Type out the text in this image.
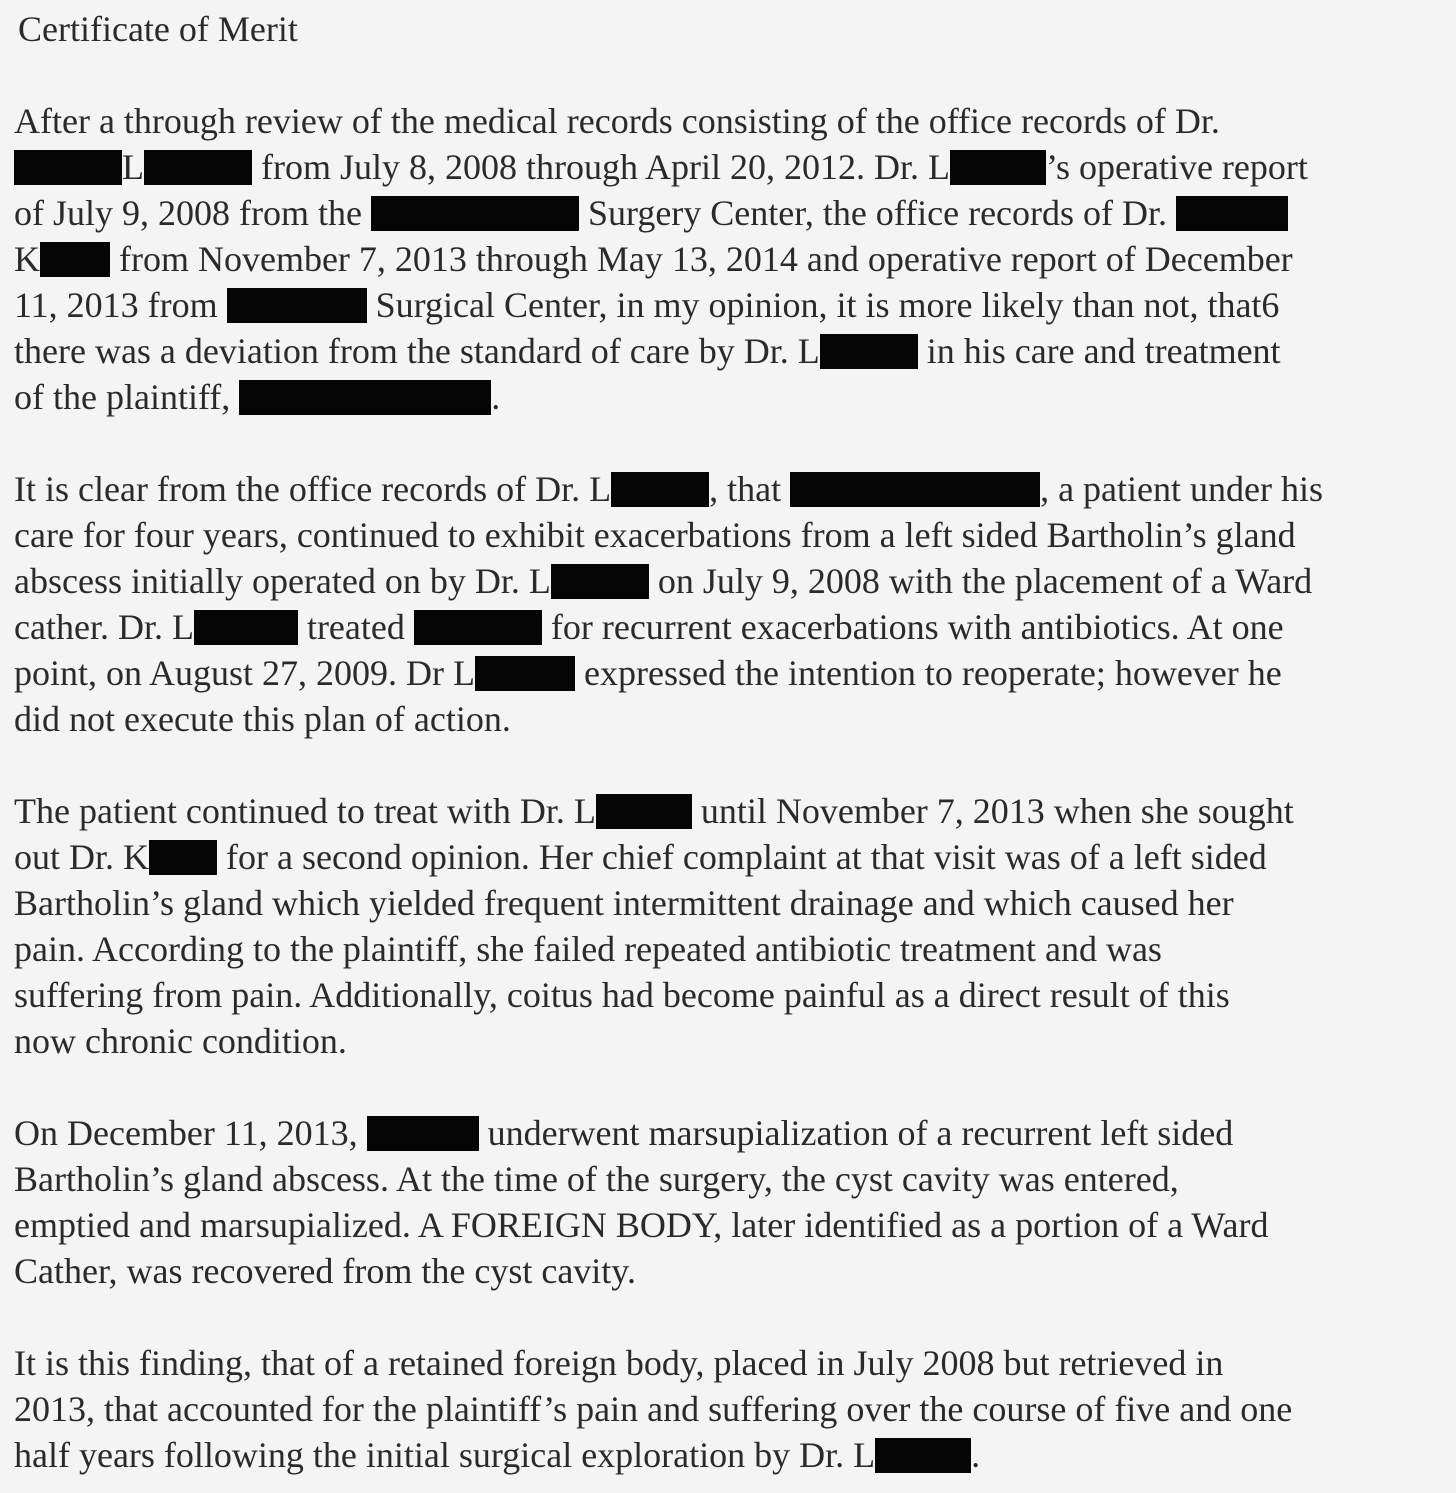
Certificate of Merit
After a through review of the medical records consisting of the office records of Dr.
L	from July 8, 2008 through April 20, 2012. Dr. L	’s operative report
of July 9, 2008 from the	Surgery Center, the office records of Dr.
K from November 7, 2013 through May 13, 2014 and operative report of December
11, 2013 from	Surgical Center, in my opinion, it is more likely than not, that6
there was a deviation from the standard of care by Dr. L	in his care and treatment
of the plaintiff,	.
It is clear from the office records of Dr. L	, that	, a patient under his
care for four years, continued to exhibit exacerbations from a left sided Bartholin’s gland
abscess initially operated on by Dr. L	on July 9, 2008 with the placement of a Ward
cather. Dr. L	treated	for recurrent exacerbations with antibiotics. At one
point, on August 27, 2009. Dr L	expressed the intention to reoperate; however he
did not execute this plan of action.
The patient continued to treat with Dr. L	until November 7, 2013 when she sought
out Dr. K for a second opinion. Her chief complaint at that visit was of a left sided
Bartholin’s gland which yielded frequent intermittent drainage and which caused her
pain. According to the plaintiff, she failed repeated antibiotic treatment and was
suffering from pain. Additionally, coitus had become painful as a direct result of this
now chronic condition.
On December 11, 2013,	underwent marsupialization of a recurrent left sided
Bartholin’s gland abscess. At the time of the surgery, the cyst cavity was entered,
emptied and marsupialized. A FOREIGN BODY, later identified as a portion of a Ward
Cather, was recovered from the cyst cavity.
It is this finding, that of a retained foreign body, placed in July 2008 but retrieved in
2013, that accounted for the plaintiff’s pain and suffering over the course of five and one
half years following the initial surgical exploration by Dr. L	.
